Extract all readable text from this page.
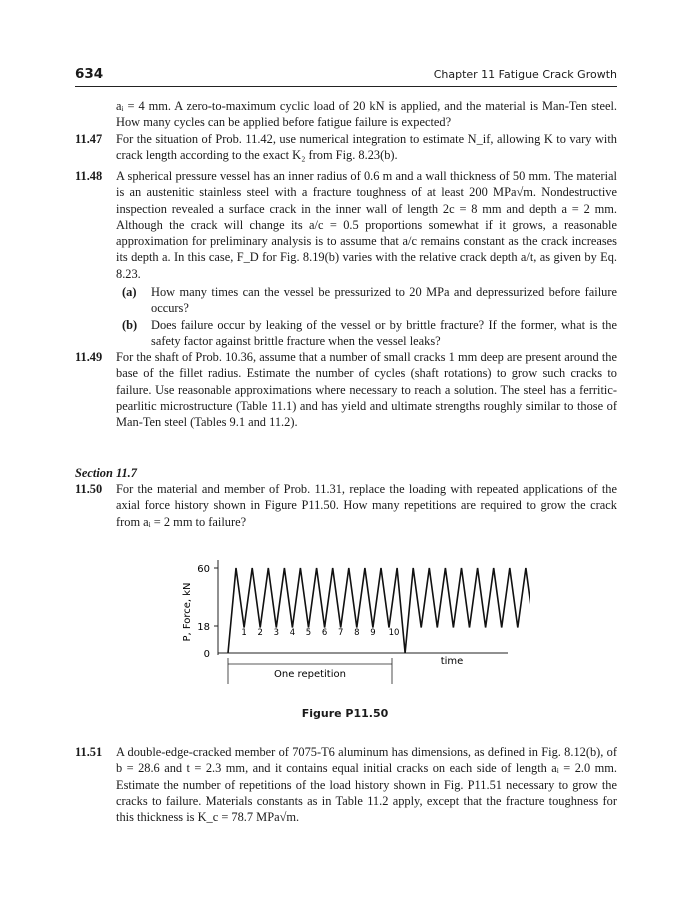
634	Chapter 11 Fatigue Crack Growth
aᵢ = 4 mm. A zero-to-maximum cyclic load of 20 kN is applied, and the material is Man-Ten steel. How many cycles can be applied before fatigue failure is expected?
11.47 For the situation of Prob. 11.42, use numerical integration to estimate N_if, allowing K to vary with crack length according to the exact K₂ from Fig. 8.23(b).
11.48 A spherical pressure vessel has an inner radius of 0.6 m and a wall thickness of 50 mm. The material is an austenitic stainless steel with a fracture toughness of at least 200 MPa√m. Nondestructive inspection revealed a surface crack in the inner wall of length 2c = 8 mm and depth a = 2 mm. Although the crack will change its a/c = 0.5 proportions somewhat if it grows, a reasonable approximation for preliminary analysis is to assume that a/c remains constant as the crack increases its depth a. In this case, F_D for Fig. 8.19(b) varies with the relative crack depth a/t, as given by Eq. 8.23.
(a) How many times can the vessel be pressurized to 20 MPa and depressurized before failure occurs?
(b) Does failure occur by leaking of the vessel or by brittle fracture? If the former, what is the safety factor against brittle fracture when the vessel leaks?
11.49 For the shaft of Prob. 10.36, assume that a number of small cracks 1 mm deep are present around the base of the fillet radius. Estimate the number of cycles (shaft rotations) to grow such cracks to failure. Use reasonable approximations where necessary to reach a solution. The steel has a ferritic-pearlitic microstructure (Table 11.1) and has yield and ultimate strengths roughly similar to those of Man-Ten steel (Tables 9.1 and 11.2).
Section 11.7
11.50 For the material and member of Prob. 11.31, replace the loading with repeated applications of the axial force history shown in Figure P11.50. How many repetitions are required to grow the crack from aᵢ = 2 mm to failure?
60
18
0
P, Force, kN	1 2 3 4 5 6 7 8 9 10
time
One repetition
Figure P11.50
11.51 A double-edge-cracked member of 7075-T6 aluminum has dimensions, as defined in Fig. 8.12(b), of b = 28.6 and t = 2.3 mm, and it contains equal initial cracks on each side of length aᵢ = 2.0 mm. Estimate the number of repetitions of the load history shown in Fig. P11.51 necessary to grow the cracks to failure. Materials constants as in Table 11.2 apply, except that the fracture toughness for this thickness is K_c = 78.7 MPa√m.
